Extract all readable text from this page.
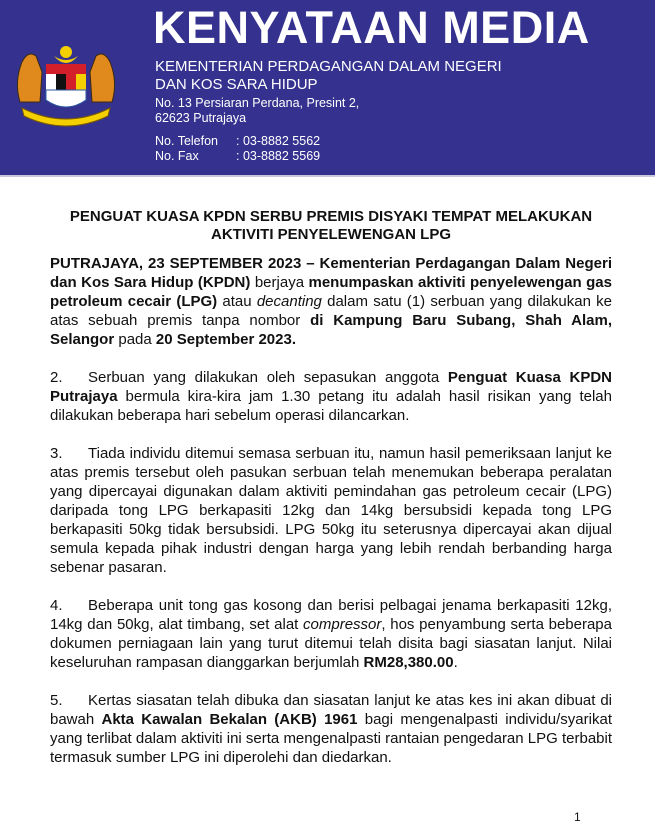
KENYATAAN MEDIA
KEMENTERIAN PERDAGANGAN DALAM NEGERI
DAN KOS SARA HIDUP
No. 13 Persiaran Perdana, Presint 2,
62623 Putrajaya
No. Telefon : 03-8882 5562
No. Fax	: 03-8882 5569
PENGUAT KUASA KPDN SERBU PREMIS DISYAKI TEMPAT MELAKUKAN
AKTIVITI PENYELEWENGAN LPG

PUTRAJAYA, 23 SEPTEMBER 2023 – Kementerian Perdagangan Dalam Negeri dan Kos Sara Hidup (KPDN) berjaya menumpaskan aktiviti penyelewengan gas petroleum cecair (LPG) atau decanting dalam satu (1) serbuan yang dilakukan ke atas sebuah premis tanpa nombor di Kampung Baru Subang, Shah Alam, Selangor pada 20 September 2023.

2. Serbuan yang dilakukan oleh sepasukan anggota Penguat Kuasa KPDN Putrajaya bermula kira-kira jam 1.30 petang itu adalah hasil risikan yang telah dilakukan beberapa hari sebelum operasi dilancarkan.

3. Tiada individu ditemui semasa serbuan itu, namun hasil pemeriksaan lanjut ke atas premis tersebut oleh pasukan serbuan telah menemukan beberapa peralatan yang dipercayai digunakan dalam aktiviti pemindahan gas petroleum cecair (LPG) daripada tong LPG berkapasiti 12kg dan 14kg bersubsidi kepada tong LPG berkapasiti 50kg tidak bersubsidi. LPG 50kg itu seterusnya dipercayai akan dijual semula kepada pihak industri dengan harga yang lebih rendah berbanding harga sebenar pasaran.

4. Beberapa unit tong gas kosong dan berisi pelbagai jenama berkapasiti 12kg, 14kg dan 50kg, alat timbang, set alat compressor, hos penyambung serta beberapa dokumen perniagaan lain yang turut ditemui telah disita bagi siasatan lanjut. Nilai keseluruhan rampasan dianggarkan berjumlah RM28,380.00.

5. Kertas siasatan telah dibuka dan siasatan lanjut ke atas kes ini akan dibuat di bawah Akta Kawalan Bekalan (AKB) 1961 bagi mengenalpasti individu/syarikat yang terlibat dalam aktiviti ini serta mengenalpasti rantaian pengedaran LPG terbabit termasuk sumber LPG ini diperolehi dan diedarkan.

1
